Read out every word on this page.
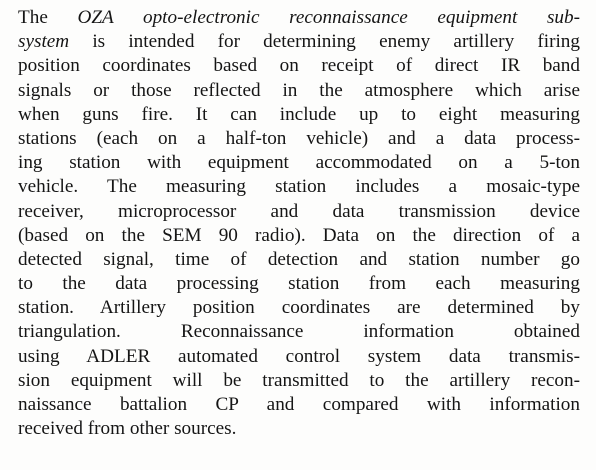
The OZA opto-electronic reconnaissance equipment sub-
system is intended for determining enemy artillery firing
position coordinates based on receipt of direct IR band
signals or those reflected in the atmosphere which arise
when guns fire. It can include up to eight measuring
stations (each on a half-ton vehicle) and a data process-
ing station with equipment accommodated on a 5-ton
vehicle. The measuring station includes a mosaic-type
receiver, microprocessor and data transmission device
(based on the SEM 90 radio). Data on the direction of a
detected signal, time of detection and station number go
to the data processing station from each measuring
station. Artillery position coordinates are determined by
triangulation. Reconnaissance information obtained
using ADLER automated control system data transmis-
sion equipment will be transmitted to the artillery recon-
naissance battalion CP and compared with information
received from other sources.
